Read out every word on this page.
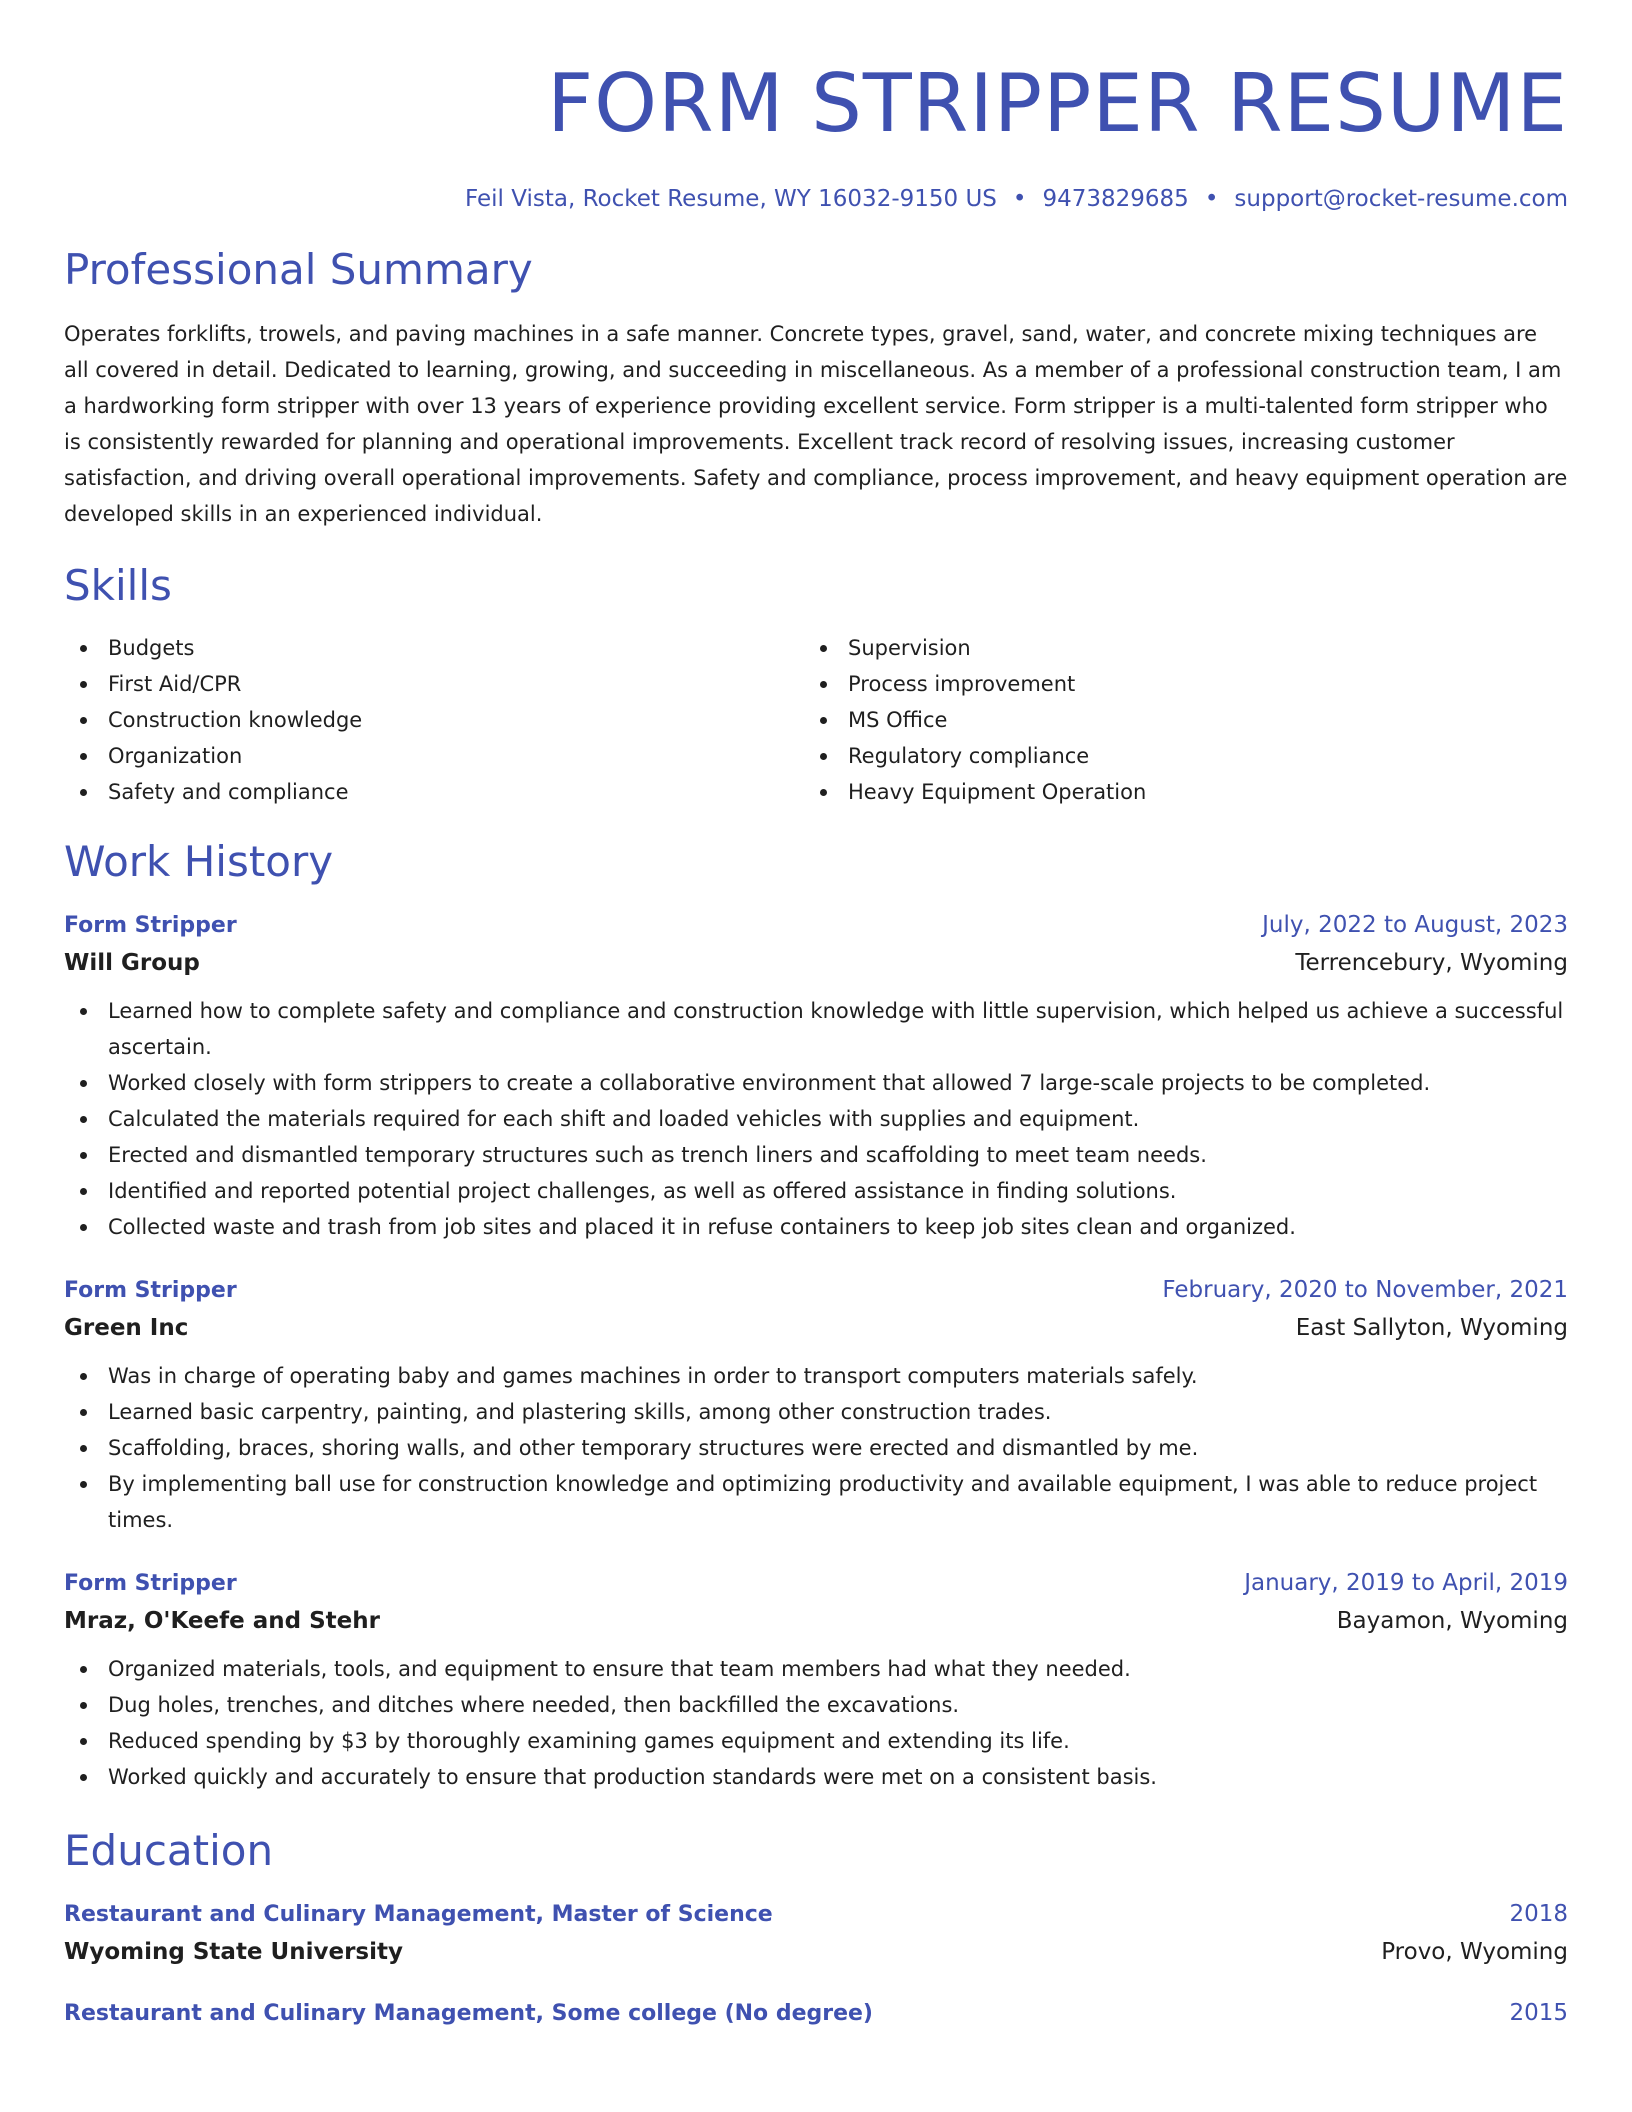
FORM STRIPPER RESUME
Feil Vista, Rocket Resume, WY 16032-9150 US • 9473829685 • support@rocket-resume.com
Professional Summary

Operates forklifts, trowels, and paving machines in a safe manner. Concrete types, gravel, sand, water, and concrete mixing techniques are all covered in detail. Dedicated to learning, growing, and succeeding in miscellaneous. As a member of a professional construction team, I am a hardworking form stripper with over 13 years of experience providing excellent service. Form stripper is a multi-talented form stripper who is consistently rewarded for planning and operational improvements. Excellent track record of resolving issues, increasing customer satisfaction, and driving overall operational improvements. Safety and compliance, process improvement, and heavy equipment operation are developed skills in an experienced individual.

Skills
Budgets
First Aid/CPR
Construction knowledge
Organization
Safety and compliance
Supervision
Process improvement
MS Office
Regulatory compliance
Heavy Equipment Operation
Work History
Form Stripper	July, 2022 to August, 2023
Will Group	Terrencebury, Wyoming
Learned how to complete safety and compliance and construction knowledge with little supervision, which helped us achieve a successful ascertain.
Worked closely with form strippers to create a collaborative environment that allowed 7 large-scale projects to be completed.
Calculated the materials required for each shift and loaded vehicles with supplies and equipment.
Erected and dismantled temporary structures such as trench liners and scaffolding to meet team needs.
Identified and reported potential project challenges, as well as offered assistance in finding solutions.
Collected waste and trash from job sites and placed it in refuse containers to keep job sites clean and organized.
Form Stripper	February, 2020 to November, 2021
Green Inc	East Sallyton, Wyoming
Was in charge of operating baby and games machines in order to transport computers materials safely.
Learned basic carpentry, painting, and plastering skills, among other construction trades.
Scaffolding, braces, shoring walls, and other temporary structures were erected and dismantled by me.
By implementing ball use for construction knowledge and optimizing productivity and available equipment, I was able to reduce project times.
Form Stripper	January, 2019 to April, 2019
Mraz, O'Keefe and Stehr	Bayamon, Wyoming
Organized materials, tools, and equipment to ensure that team members had what they needed.
Dug holes, trenches, and ditches where needed, then backfilled the excavations.
Reduced spending by $3 by thoroughly examining games equipment and extending its life.
Worked quickly and accurately to ensure that production standards were met on a consistent basis.
Education
Restaurant and Culinary Management, Master of Science	2018
Wyoming State University	Provo, Wyoming
Restaurant and Culinary Management, Some college (No degree)	2015
